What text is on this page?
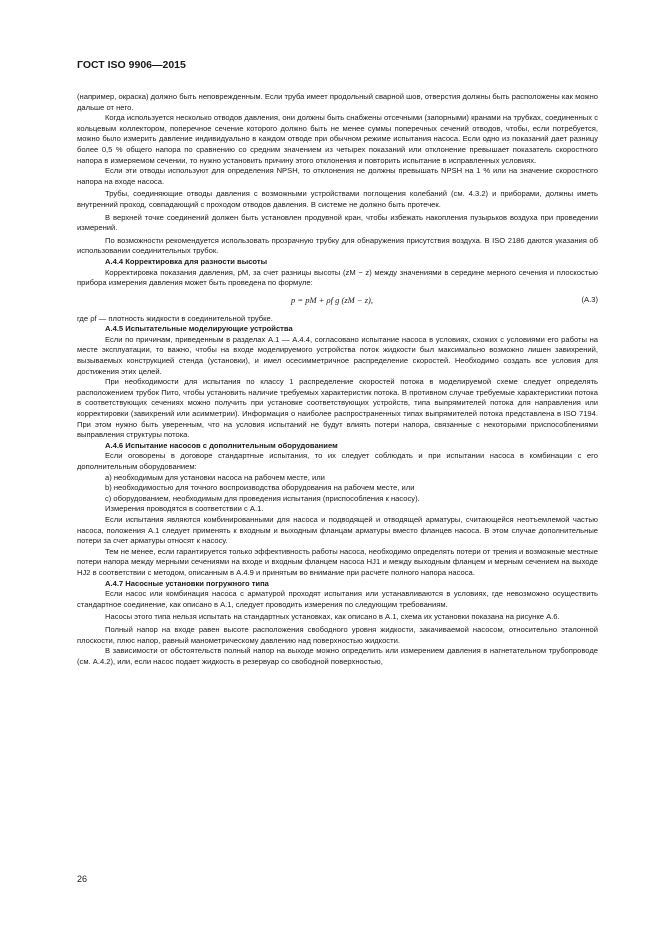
ГОСТ ISO 9906—2015

(например, окраска) должно быть неповрежденным. Если труба имеет продольный сварной шов, отверстия должны быть расположены как можно дальше от него.

Когда используется несколько отводов давления, они должны быть снабжены отсечными (запорными) кранами на трубках, соединенных с кольцевым коллектором, поперечное сечение которого должно быть не менее суммы поперечных сечений отводов, чтобы, если потребуется, можно было измерить давление индивидуально в каждом отводе при обычном режиме испытания насоса. Если одно из показаний дает разницу более 0,5 % общего напора по сравнению со средним значением из четырех показаний или отклонение превышает показатель скоростного напора в измеряемом сечении, то нужно установить причину этого отклонения и повторить испытание в исправленных условиях.

Если эти отводы используют для определения NPSH, то отклонения не должны превышать NPSH на 1 % или на значение скоростного напора на входе насоса.

Трубы, соединяющие отводы давления с возможными устройствами поглощения колебаний (см. 4.3.2) и приборами, должны иметь внутренний проход, совпадающий с проходом отводов давления. В системе не должно быть протечек.

В верхней точке соединений должен быть установлен продувной кран, чтобы избежать накопления пузырьков воздуха при проведении измерений.

По возможности рекомендуется использовать прозрачную трубку для обнаружения присутствия воздуха. В ISO 2186 даются указания об использовании соединительных трубок.

А.4.4 Корректировка для разности высоты

Корректировка показания давления, pM, за счет разницы высоты (zM − z) между значениями в середине мерного сечения и плоскостью прибора измерения давления может быть проведена по формуле:

p = pM + ρf g (zM − z),	(А.3)

где ρf — плотность жидкости в соединительной трубке.

А.4.5 Испытательные моделирующие устройства

Если по причинам, приведенным в разделах А.1 — А.4.4, согласовано испытание насоса в условиях, схожих с условиями его работы на месте эксплуатации, то важно, чтобы на входе моделируемого устройства поток жидкости был максимально возможно лишен завихрений, вызываемых конструкцией стенда (установки), и имел осесимметричное распределение скоростей. Необходимо создать все условия для достижения этих целей.

При необходимости для испытания по классу 1 распределение скоростей потока в моделируемой схеме следует определять расположением трубок Пито, чтобы установить наличие требуемых характеристик потока. В противном случае требуемые характеристики потока в соответствующих сечениях можно получить при установке соответствующих устройств, типа выпрямителей потока для направления или корректировки (завихрений или асимметрии). Информация о наиболее распространенных типах выпрямителей потока представлена в ISO 7194. При этом нужно быть уверенным, что на условия испытаний не будут влиять потери напора, связанные с некоторыми приспособлениями выправления структуры потока.

А.4.6 Испытание насосов с дополнительным оборудованием

Если оговорены в договоре стандартные испытания, то их следует соблюдать и при испытании насоса в комбинации с его дополнительным оборудованием:

a) необходимым для установки насоса на рабочем месте, или

b) необходимостью для точного воспроизводства оборудования на рабочем месте, или

c) оборудованием, необходимым для проведения испытания (приспособления к насосу).

Измерения проводятся в соответствии с А.1.

Если испытания являются комбинированными для насоса и подводящей и отводящей арматуры, считающейся неотъемлемой частью насоса, положения А.1 следует применять к входным и выходным фланцам арматуры вместо фланцев насоса. В этом случае дополнительные потери за счет арматуры относят к насосу.

Тем не менее, если гарантируется только эффективность работы насоса, необходимо определять потери от трения и возможные местные потери напора между мерными сечениями на входе и входным фланцем насоса HJ1 и между выходным фланцем и мерным сечением на выходе HJ2 в соответствии с методом, описанным в А.4.9 и принятым во внимание при расчете полного напора насоса.

А.4.7 Насосные установки погружного типа

Если насос или комбинация насоса с арматурой проходят испытания или устанавливаются в условиях, где невозможно осуществить стандартное соединение, как описано в А.1, следует проводить измерения по следующим требованиям.

Насосы этого типа нельзя испытать на стандартных установках, как описано в А.1, схема их установки показана на рисунке А.6.

Полный напор на входе равен высоте расположения свободного уровня жидкости, закачиваемой насосом, относительно эталонной плоскости, плюс напор, равный манометрическому давлению над поверхностью жидкости.

В зависимости от обстоятельств полный напор на выходе можно определить или измерением давления в нагнетательном трубопроводе (см. А.4.2), или, если насос подает жидкость в резервуар со свободной поверхностью,

26
